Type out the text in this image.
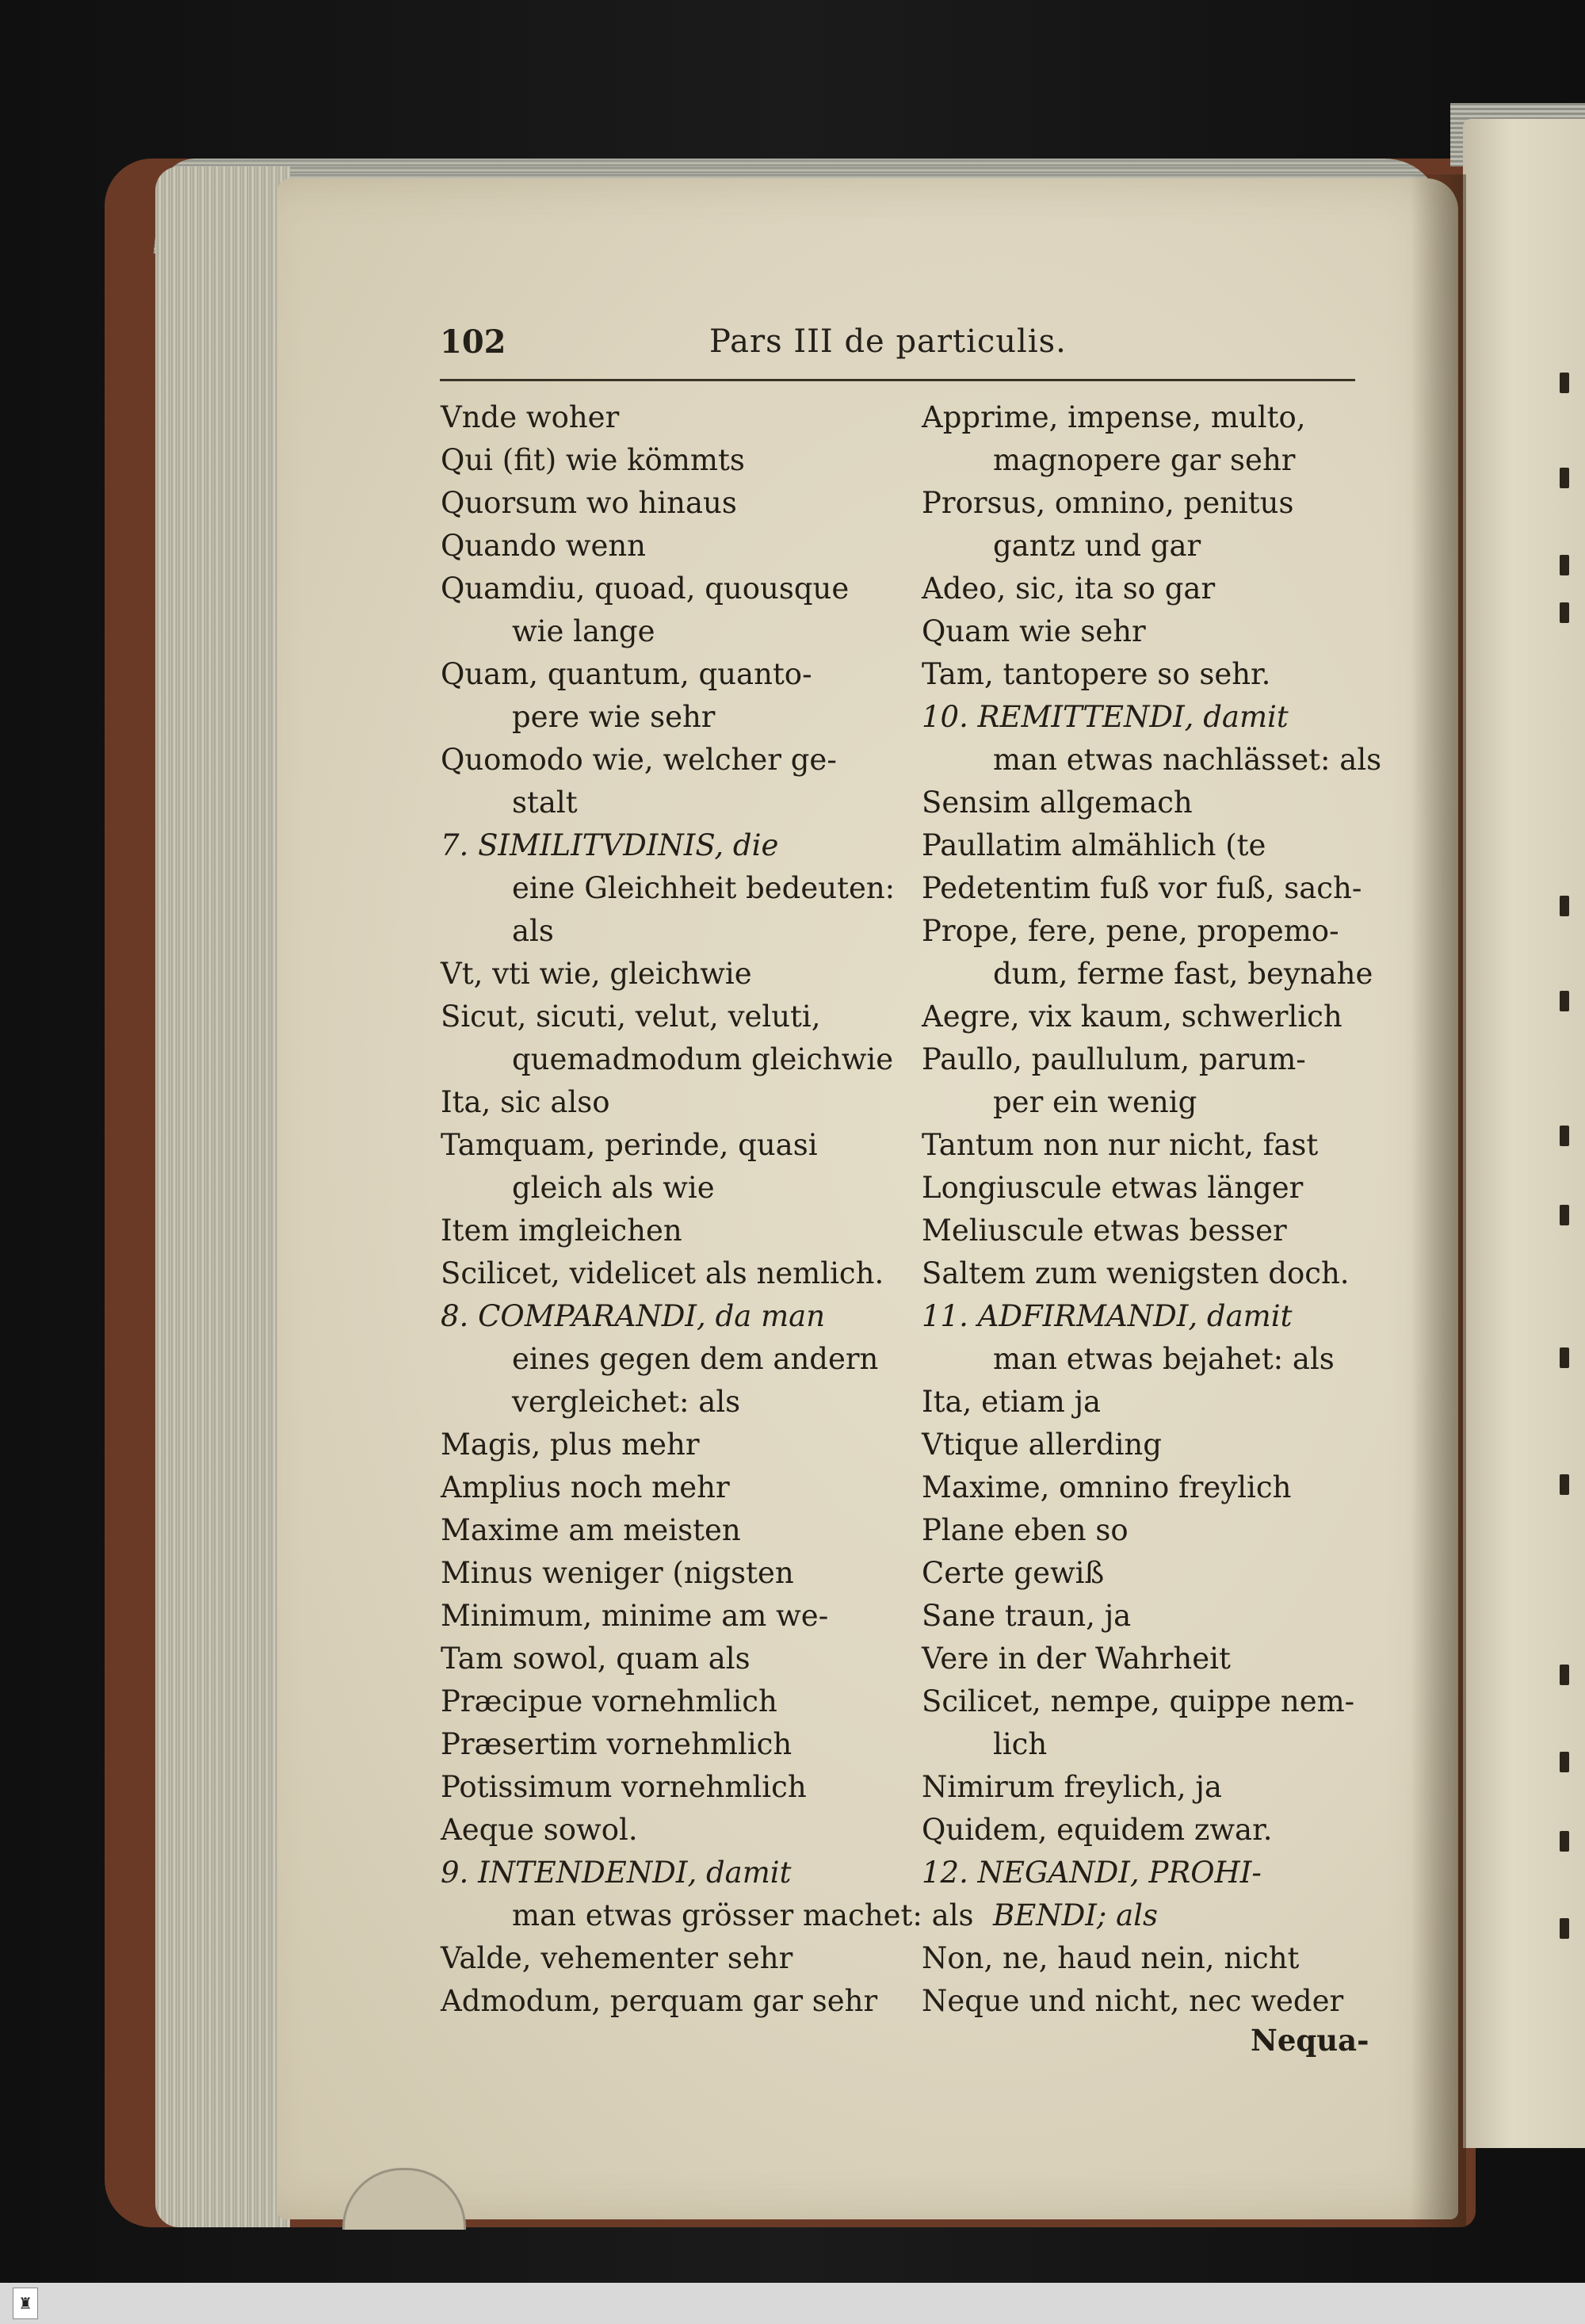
102	Pars III de particulis.
Vnde woher
Qui (fit) wie kömmts
Quorsum wo hinaus
Quando wenn
Quamdiu, quoad, quousque
wie lange
Quam, quantum, quanto-
pere wie sehr
Quomodo wie, welcher ge-
stalt
7. SIMILITVDINIS, die
eine Gleichheit bedeuten:
als
Vt, vti wie, gleichwie
Sicut, sicuti, velut, veluti,
quemadmodum gleichwie
Ita, sic also
Tamquam, perinde, quasi
gleich als wie
Item imgleichen
Scilicet, videlicet als nemlich.
8. COMPARANDI, da man
eines gegen dem andern
vergleichet: als
Magis, plus mehr
Amplius noch mehr
Maxime am meisten
Minus weniger (nigsten
Minimum, minime am we-
Tam sowol, quam als
Præcipue vornehmlich
Præsertim vornehmlich
Potissimum vornehmlich
Aeque sowol.
9. INTENDENDI, damit
man etwas grösser machet: als
Valde, vehementer sehr
Admodum, perquam gar sehr
Apprime, impense, multo,
magnopere gar sehr
Prorsus, omnino, penitus
gantz und gar
Adeo, sic, ita so gar
Quam wie sehr
Tam, tantopere so sehr.
10. REMITTENDI, damit
man etwas nachlässet: als
Sensim allgemach
Paullatim almählich (te
Pedetentim fuß vor fuß, sach-
Prope, fere, pene, propemo-
dum, ferme fast, beynahe
Aegre, vix kaum, schwerlich
Paullo, paullulum, parum-
per ein wenig
Tantum non nur nicht, fast
Longiuscule etwas länger
Meliuscule etwas besser
Saltem zum wenigsten doch.
11. ADFIRMANDI, damit
man etwas bejahet: als
Ita, etiam ja
Vtique allerding
Maxime, omnino freylich
Plane eben so
Certe gewiß
Sane traun, ja
Vere in der Wahrheit
Scilicet, nempe, quippe nem-
lich
Nimirum freylich, ja
Quidem, equidem zwar.
12. NEGANDI, PROHI-
BENDI; als
Non, ne, haud nein, nicht
Neque und nicht, nec weder
Nequa-
♜
